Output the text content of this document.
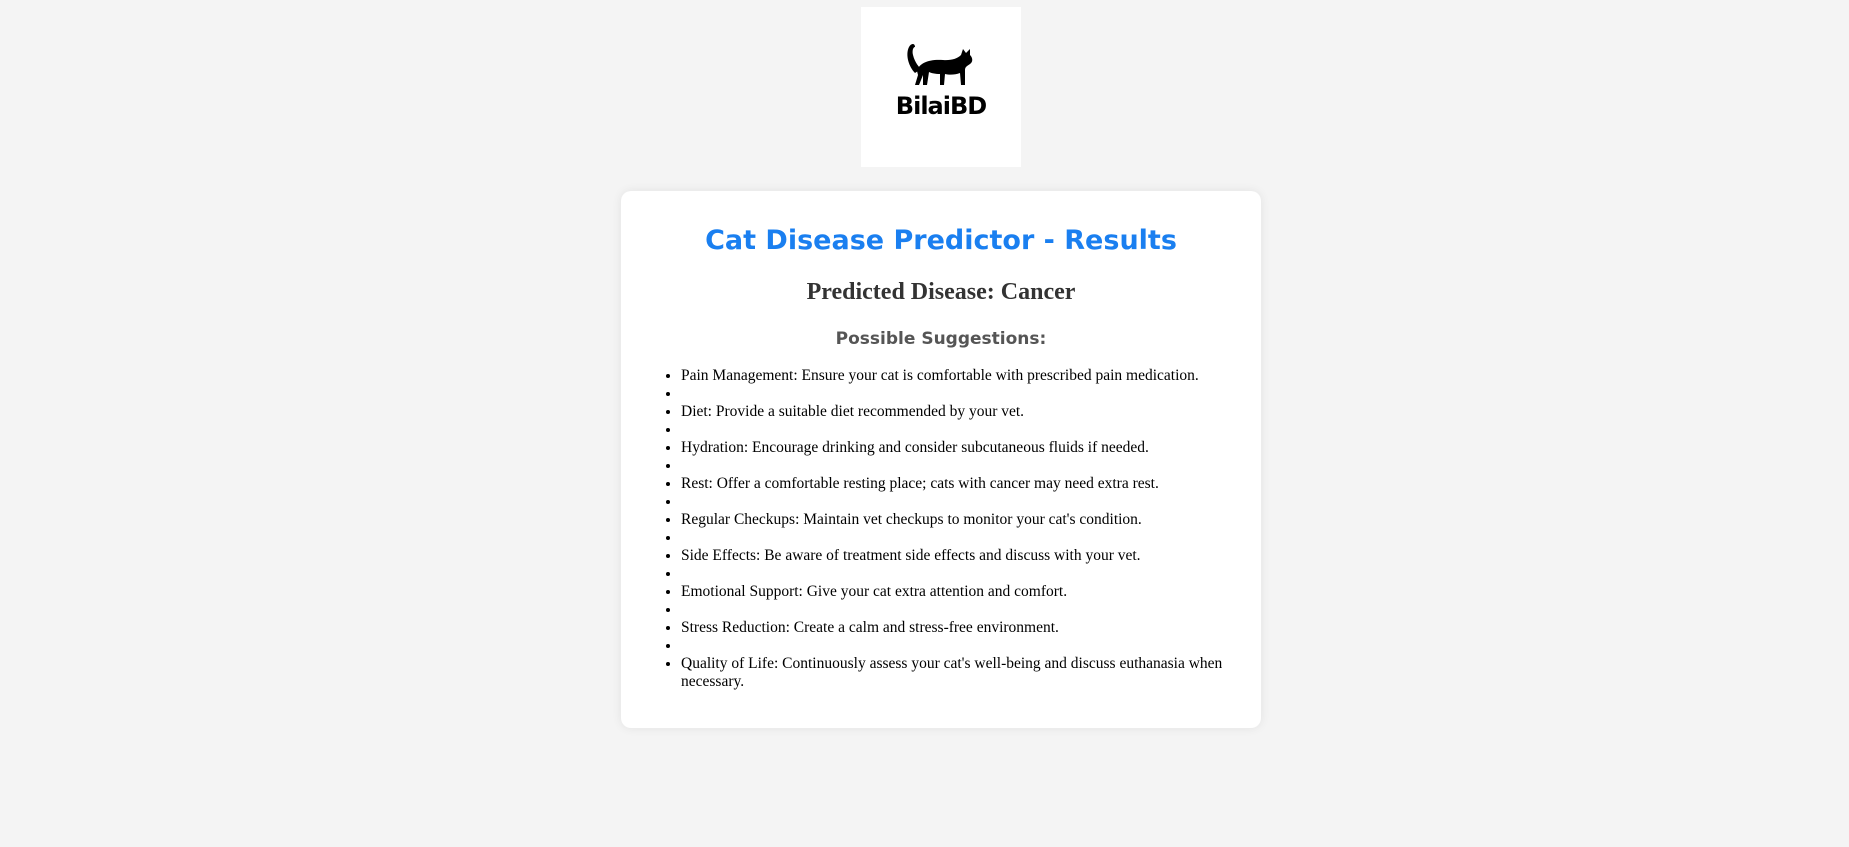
BilaiBD
Cat Disease Predictor - Results
Predicted Disease: Cancer
Possible Suggestions:
• Pain Management: Ensure your cat is comfortable with prescribed pain medication.
•
• Diet: Provide a suitable diet recommended by your vet.
•
• Hydration: Encourage drinking and consider subcutaneous fluids if needed.
•
• Rest: Offer a comfortable resting place; cats with cancer may need extra rest.
•
• Regular Checkups: Maintain vet checkups to monitor your cat's condition.
•
• Side Effects: Be aware of treatment side effects and discuss with your vet.
•
• Emotional Support: Give your cat extra attention and comfort.
•
• Stress Reduction: Create a calm and stress-free environment.
•
• Quality of Life: Continuously assess your cat's well-being and discuss euthanasia when necessary.
